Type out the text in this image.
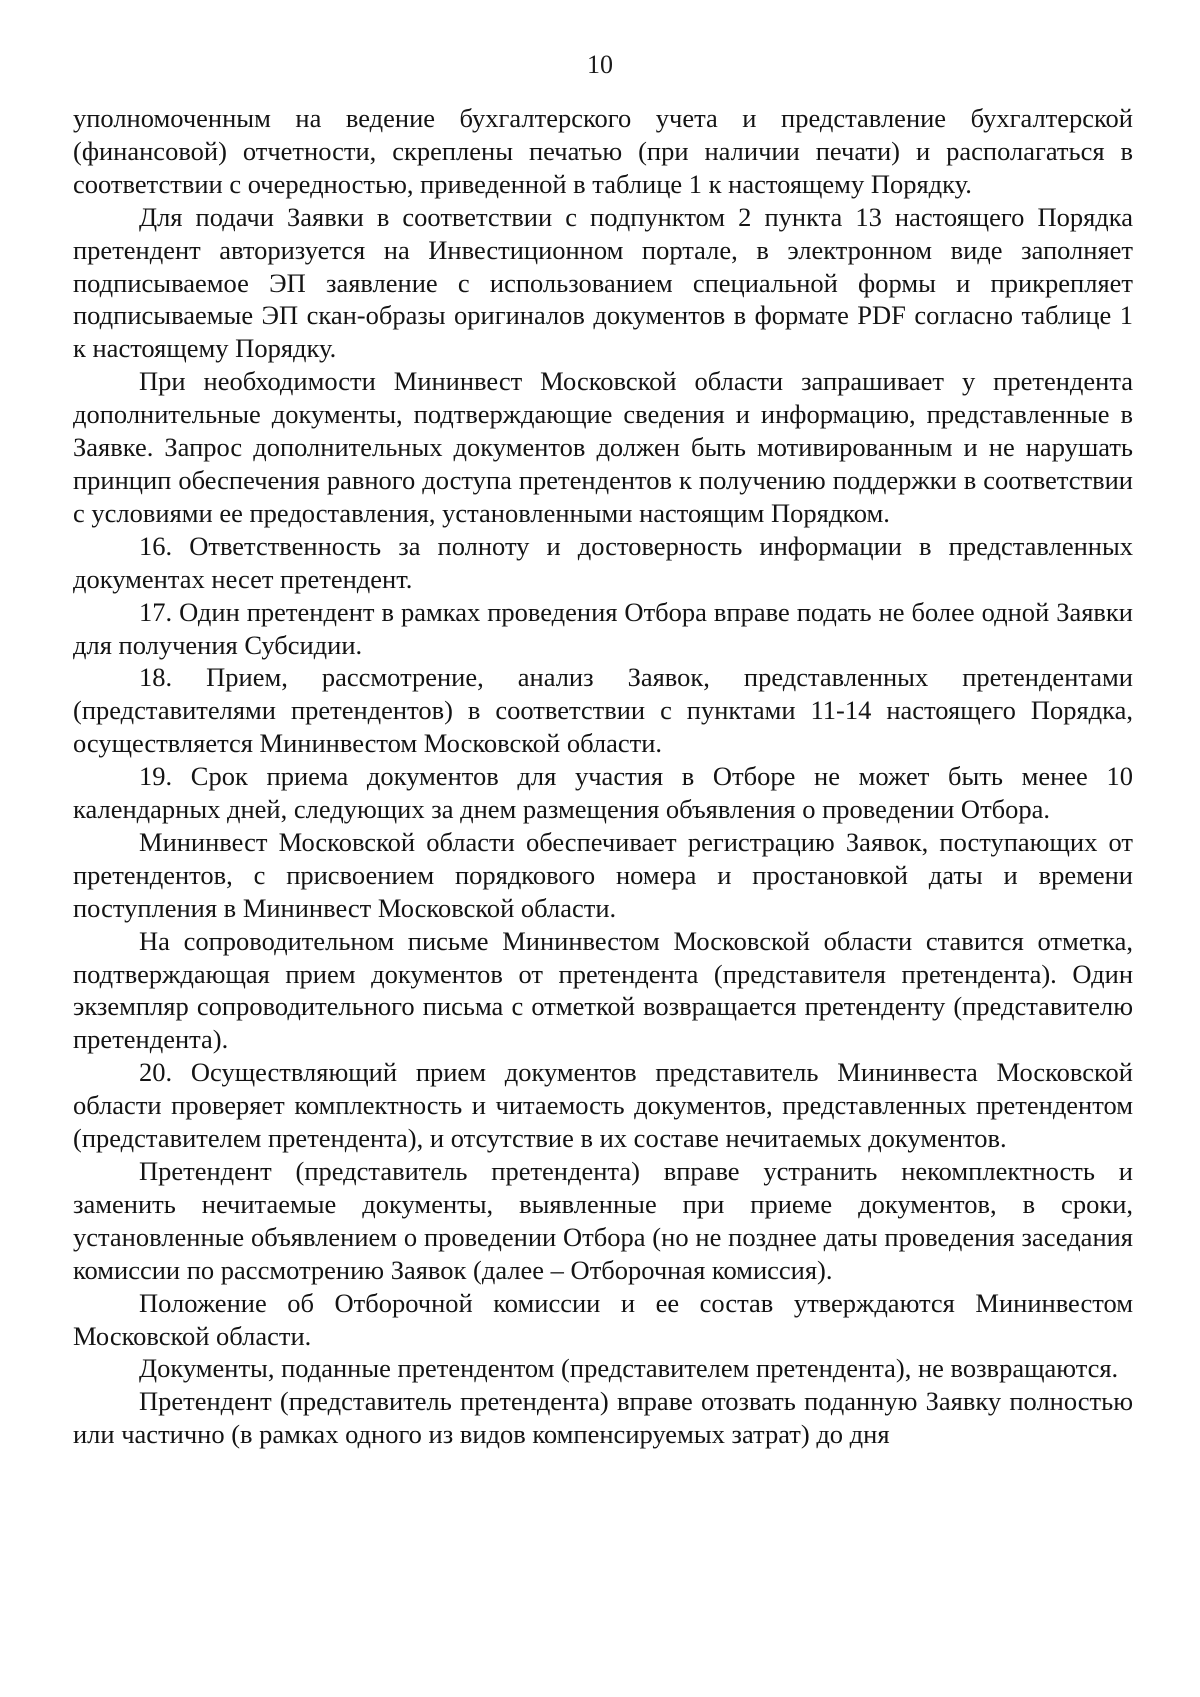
10

уполномоченным на ведение бухгалтерского учета и представление бухгалтерской (финансовой) отчетности, скреплены печатью (при наличии печати) и располагаться в соответствии с очередностью, приведенной в таблице 1 к настоящему Порядку.

Для подачи Заявки в соответствии с подпунктом 2 пункта 13 настоящего Порядка претендент авторизуется на Инвестиционном портале, в электронном виде заполняет подписываемое ЭП заявление с использованием специальной формы и прикрепляет подписываемые ЭП скан-образы оригиналов документов в формате PDF согласно таблице 1 к настоящему Порядку.

При необходимости Мининвест Московской области запрашивает у претендента дополнительные документы, подтверждающие сведения и информацию, представленные в Заявке. Запрос дополнительных документов должен быть мотивированным и не нарушать принцип обеспечения равного доступа претендентов к получению поддержки в соответствии с условиями ее предоставления, установленными настоящим Порядком.

16. Ответственность за полноту и достоверность информации в представленных документах несет претендент.

17. Один претендент в рамках проведения Отбора вправе подать не более одной Заявки для получения Субсидии.

18. Прием, рассмотрение, анализ Заявок, представленных претендентами (представителями претендентов) в соответствии с пунктами 11-14 настоящего Порядка, осуществляется Мининвестом Московской области.

19. Срок приема документов для участия в Отборе не может быть менее 10 календарных дней, следующих за днем размещения объявления о проведении Отбора.

Мининвест Московской области обеспечивает регистрацию Заявок, поступающих от претендентов, с присвоением порядкового номера и простановкой даты и времени поступления в Мининвест Московской области.

На сопроводительном письме Мининвестом Московской области ставится отметка, подтверждающая прием документов от претендента (представителя претендента). Один экземпляр сопроводительного письма с отметкой возвращается претенденту (представителю претендента).

20. Осуществляющий прием документов представитель Мининвеста Московской области проверяет комплектность и читаемость документов, представленных претендентом (представителем претендента), и отсутствие в их составе нечитаемых документов.

Претендент (представитель претендента) вправе устранить некомплектность и заменить нечитаемые документы, выявленные при приеме документов, в сроки, установленные объявлением о проведении Отбора (но не позднее даты проведения заседания комиссии по рассмотрению Заявок (далее – Отборочная комиссия).

Положение об Отборочной комиссии и ее состав утверждаются Мининвестом Московской области.

Документы, поданные претендентом (представителем претендента), не возвращаются.

Претендент (представитель претендента) вправе отозвать поданную Заявку полностью или частично (в рамках одного из видов компенсируемых затрат) до дня
